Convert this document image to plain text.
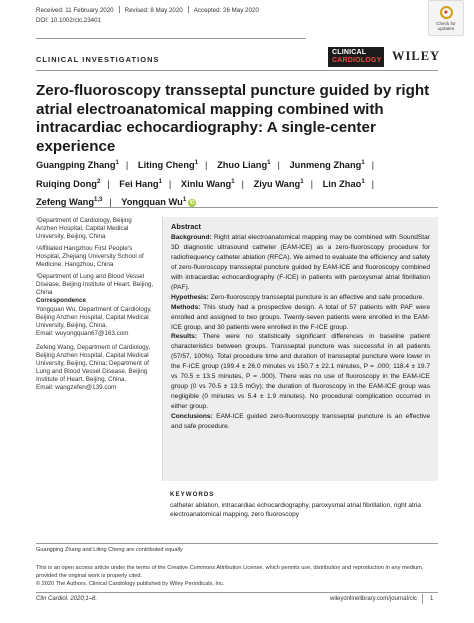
Received: 11 February 2020 Revised: 8 May 2020 Accepted: 26 May 2020
DOI: 10.1002/clc.23401
●
Check for
updates
CLINICAL INVESTIGATIONS
CLINICAL
CARDIOLOGY WILEY
Zero-fluoroscopy transseptal puncture guided by right atrial electroanatomical mapping combined with intracardiac echocardiography: A single-center experience
Guangping Zhang$^1$ | Liting Cheng$^1$ | Zhuo Liang$^1$ | Junmeng Zhang$^1$ | Ruiqing Dong$^2$ | Fei Hang$^1$ | Xinlu Wang$^1$ | Ziyu Wang$^1$ | Lin Zhao$^1$ | Zefeng Wang$^{1,3}$ | Yongquan Wu$^1$iD

¹Department of Cardiology, Beijing Anzhen Hospital, Capital Medical University, Beijing, China

²Affiliated Hangzhou First People's Hospital, Zhejiang University School of Medicine, Hangzhou, China

³Department of Lung and Blood Vessel Disease, Beijing Institute of Heart, Beijing, China

Correspondence

Yongquan Wu, Department of Cardiology, Beijing Anzhen Hospital, Capital Medical University, Beijing, China.

Email: wuyongquan67@163.com

Zefeng Wang, Department of Cardiology, Beijing Anzhen Hospital, Capital Medical University, Beijing, China; Department of Lung and Blood Vessel Disease, Beijing Institute of Heart, Beijing, China.

Email: wangzefen@139.com

Abstract

Background: Right atrial electroanatomical mapping may be combined with SoundStar 3D diagnostic ultrasound catheter (EAM-ICE) as a zero-fluoroscopy procedure for radiofrequency catheter ablation (RFCA). We aimed to evaluate the efficiency and safety of zero-fluoroscopy transseptal puncture guided by EAM-ICE and fluoroscopy combined with intracardiac echocardiography (F-ICE) in patients with paroxysmal atrial fibrillation (PAF).

Hypothesis: Zero-fluoroscopy transseptal puncture is an effective and safe procedure.

Methods: This study had a prospective design. A total of 57 patients with PAF were enrolled and assigned to two groups. Twenty-seven patients were enrolled in the EAM-ICE group, and 30 patients were enrolled in the F-ICE group.

Results: There were no statistically significant differences in baseline patient characteristics between groups. Transseptal puncture was successful in all patients (57/57, 100%). Total procedure time and duration of transseptal puncture were lower in the F-ICE group (199.4 ± 26.0 minutes vs 150.7 ± 22.1 minutes, P = .000; 118.4 ± 19.7 vs 70.5 ± 13.5 minutes, P = .000). There was no use of fluoroscopy in the EAM-ICE group (0 vs 70.5 ± 13.5 mGy); the duration of fluoroscopy in the EAM-ICE group was negligible (0 minutes vs 5.4 ± 1.9 minutes). No procedural complication occurred in either group.

Conclusions: EAM-ICE guided zero-fluoroscopy transseptal puncture is an effective and safe procedure.

KEYWORDS
catheter ablation, intracardiac echocardiography, paroxysmal atrial fibrillation, right atria electroanatomical mapping, zero fluoroscopy
Guangping Zhang and Liting Cheng are contributed equally

This is an open access article under the terms of the Creative Commons Attribution License, which permits use, distribution and reproduction in any medium,

provided the original work is properly cited.

© 2020 The Authors. Clinical Cardiology published by Wiley Periodicals, Inc.

Clin Cardiol. 2020;1–8.	wileyonlinelibrary.com/journal/clc 1
